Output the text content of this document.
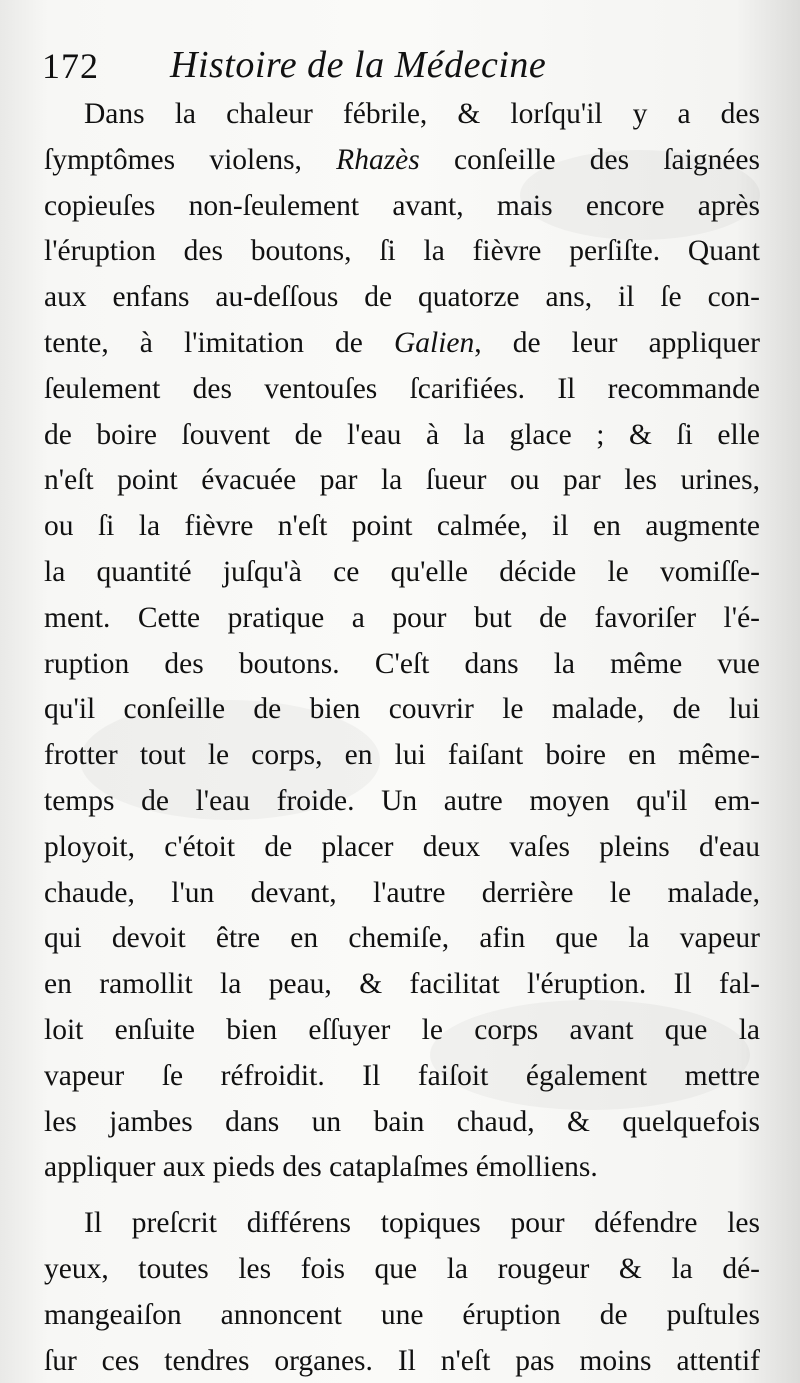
172 Histoire de la Médecine
Dans la chaleur fébrile, & lorſqu'il y a des
ſymptômes violens, Rhazès conſeille des ſaignées
copieuſes non-ſeulement avant, mais encore après
l'éruption des boutons, ſi la fièvre perſiſte. Quant
aux enfans au-deſſous de quatorze ans, il ſe con-
tente, à l'imitation de Galien, de leur appliquer
ſeulement des ventouſes ſcarifiées. Il recommande
de boire ſouvent de l'eau à la glace ; & ſi elle
n'eſt point évacuée par la ſueur ou par les urines,
ou ſi la fièvre n'eſt point calmée, il en augmente
la quantité juſqu'à ce qu'elle décide le vomiſſe-
ment. Cette pratique a pour but de favoriſer l'é-
ruption des boutons. C'eſt dans la même vue
qu'il conſeille de bien couvrir le malade, de lui
frotter tout le corps, en lui faiſant boire en même-
temps de l'eau froide. Un autre moyen qu'il em-
ployoit, c'étoit de placer deux vaſes pleins d'eau
chaude, l'un devant, l'autre derrière le malade,
qui devoit être en chemiſe, afin que la vapeur
en ramollit la peau, & facilitat l'éruption. Il fal-
loit enſuite bien eſſuyer le corps avant que la
vapeur ſe réfroidit. Il faiſoit également mettre
les jambes dans un bain chaud, & quelquefois
appliquer aux pieds des cataplaſmes émolliens.
Il preſcrit différens topiques pour défendre les
yeux, toutes les fois que la rougeur & la dé-
mangeaiſon annoncent une éruption de puſtules
ſur ces tendres organes. Il n'eſt pas moins attentif
